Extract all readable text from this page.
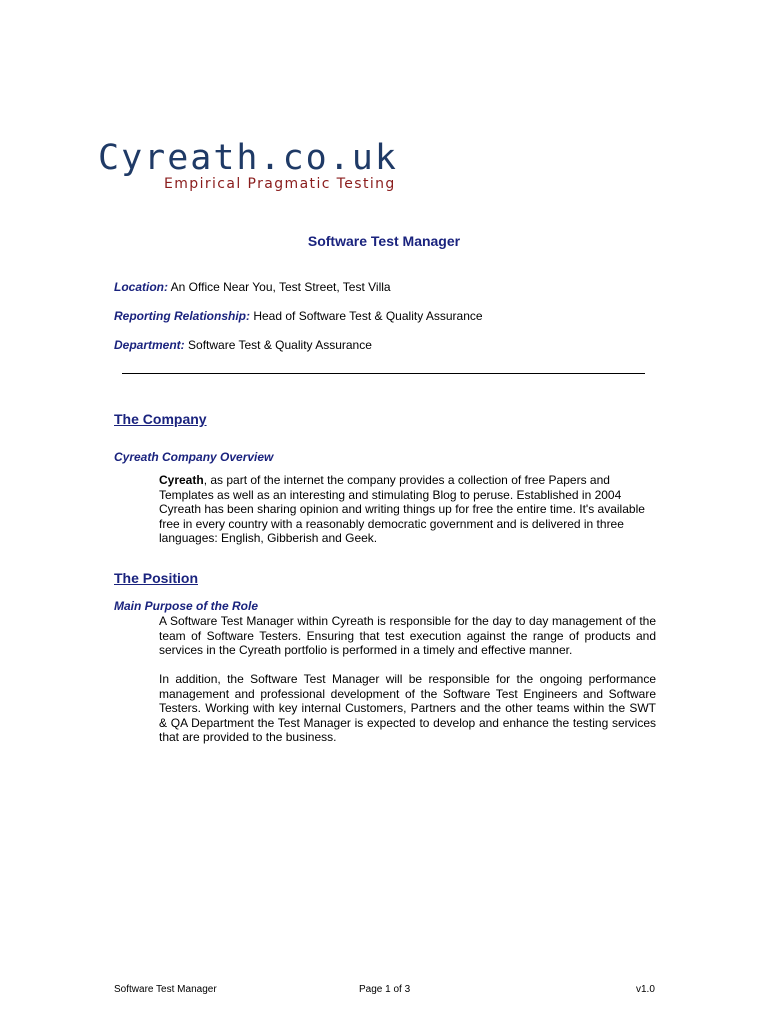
Cyreath.co.uk
Empirical Pragmatic Testing
Software Test Manager
Location: An Office Near You, Test Street, Test Villa
Reporting Relationship: Head of Software Test & Quality Assurance
Department: Software Test & Quality Assurance
The Company
Cyreath Company Overview
Cyreath, as part of the internet the company provides a collection of free Papers and Templates as well as an interesting and stimulating Blog to peruse. Established in 2004 Cyreath has been sharing opinion and writing things up for free the entire time. It's available free in every country with a reasonably democratic government and is delivered in three languages: English, Gibberish and Geek.
The Position
Main Purpose of the Role
A Software Test Manager within Cyreath is responsible for the day to day management of the team of Software Testers. Ensuring that test execution against the range of products and services in the Cyreath portfolio is performed in a timely and effective manner.
In addition, the Software Test Manager will be responsible for the ongoing performance management and professional development of the Software Test Engineers and Software Testers. Working with key internal Customers, Partners and the other teams within the SWT & QA Department the Test Manager is expected to develop and enhance the testing services that are provided to the business.
Software Test Manager	Page 1 of 3	v1.0
